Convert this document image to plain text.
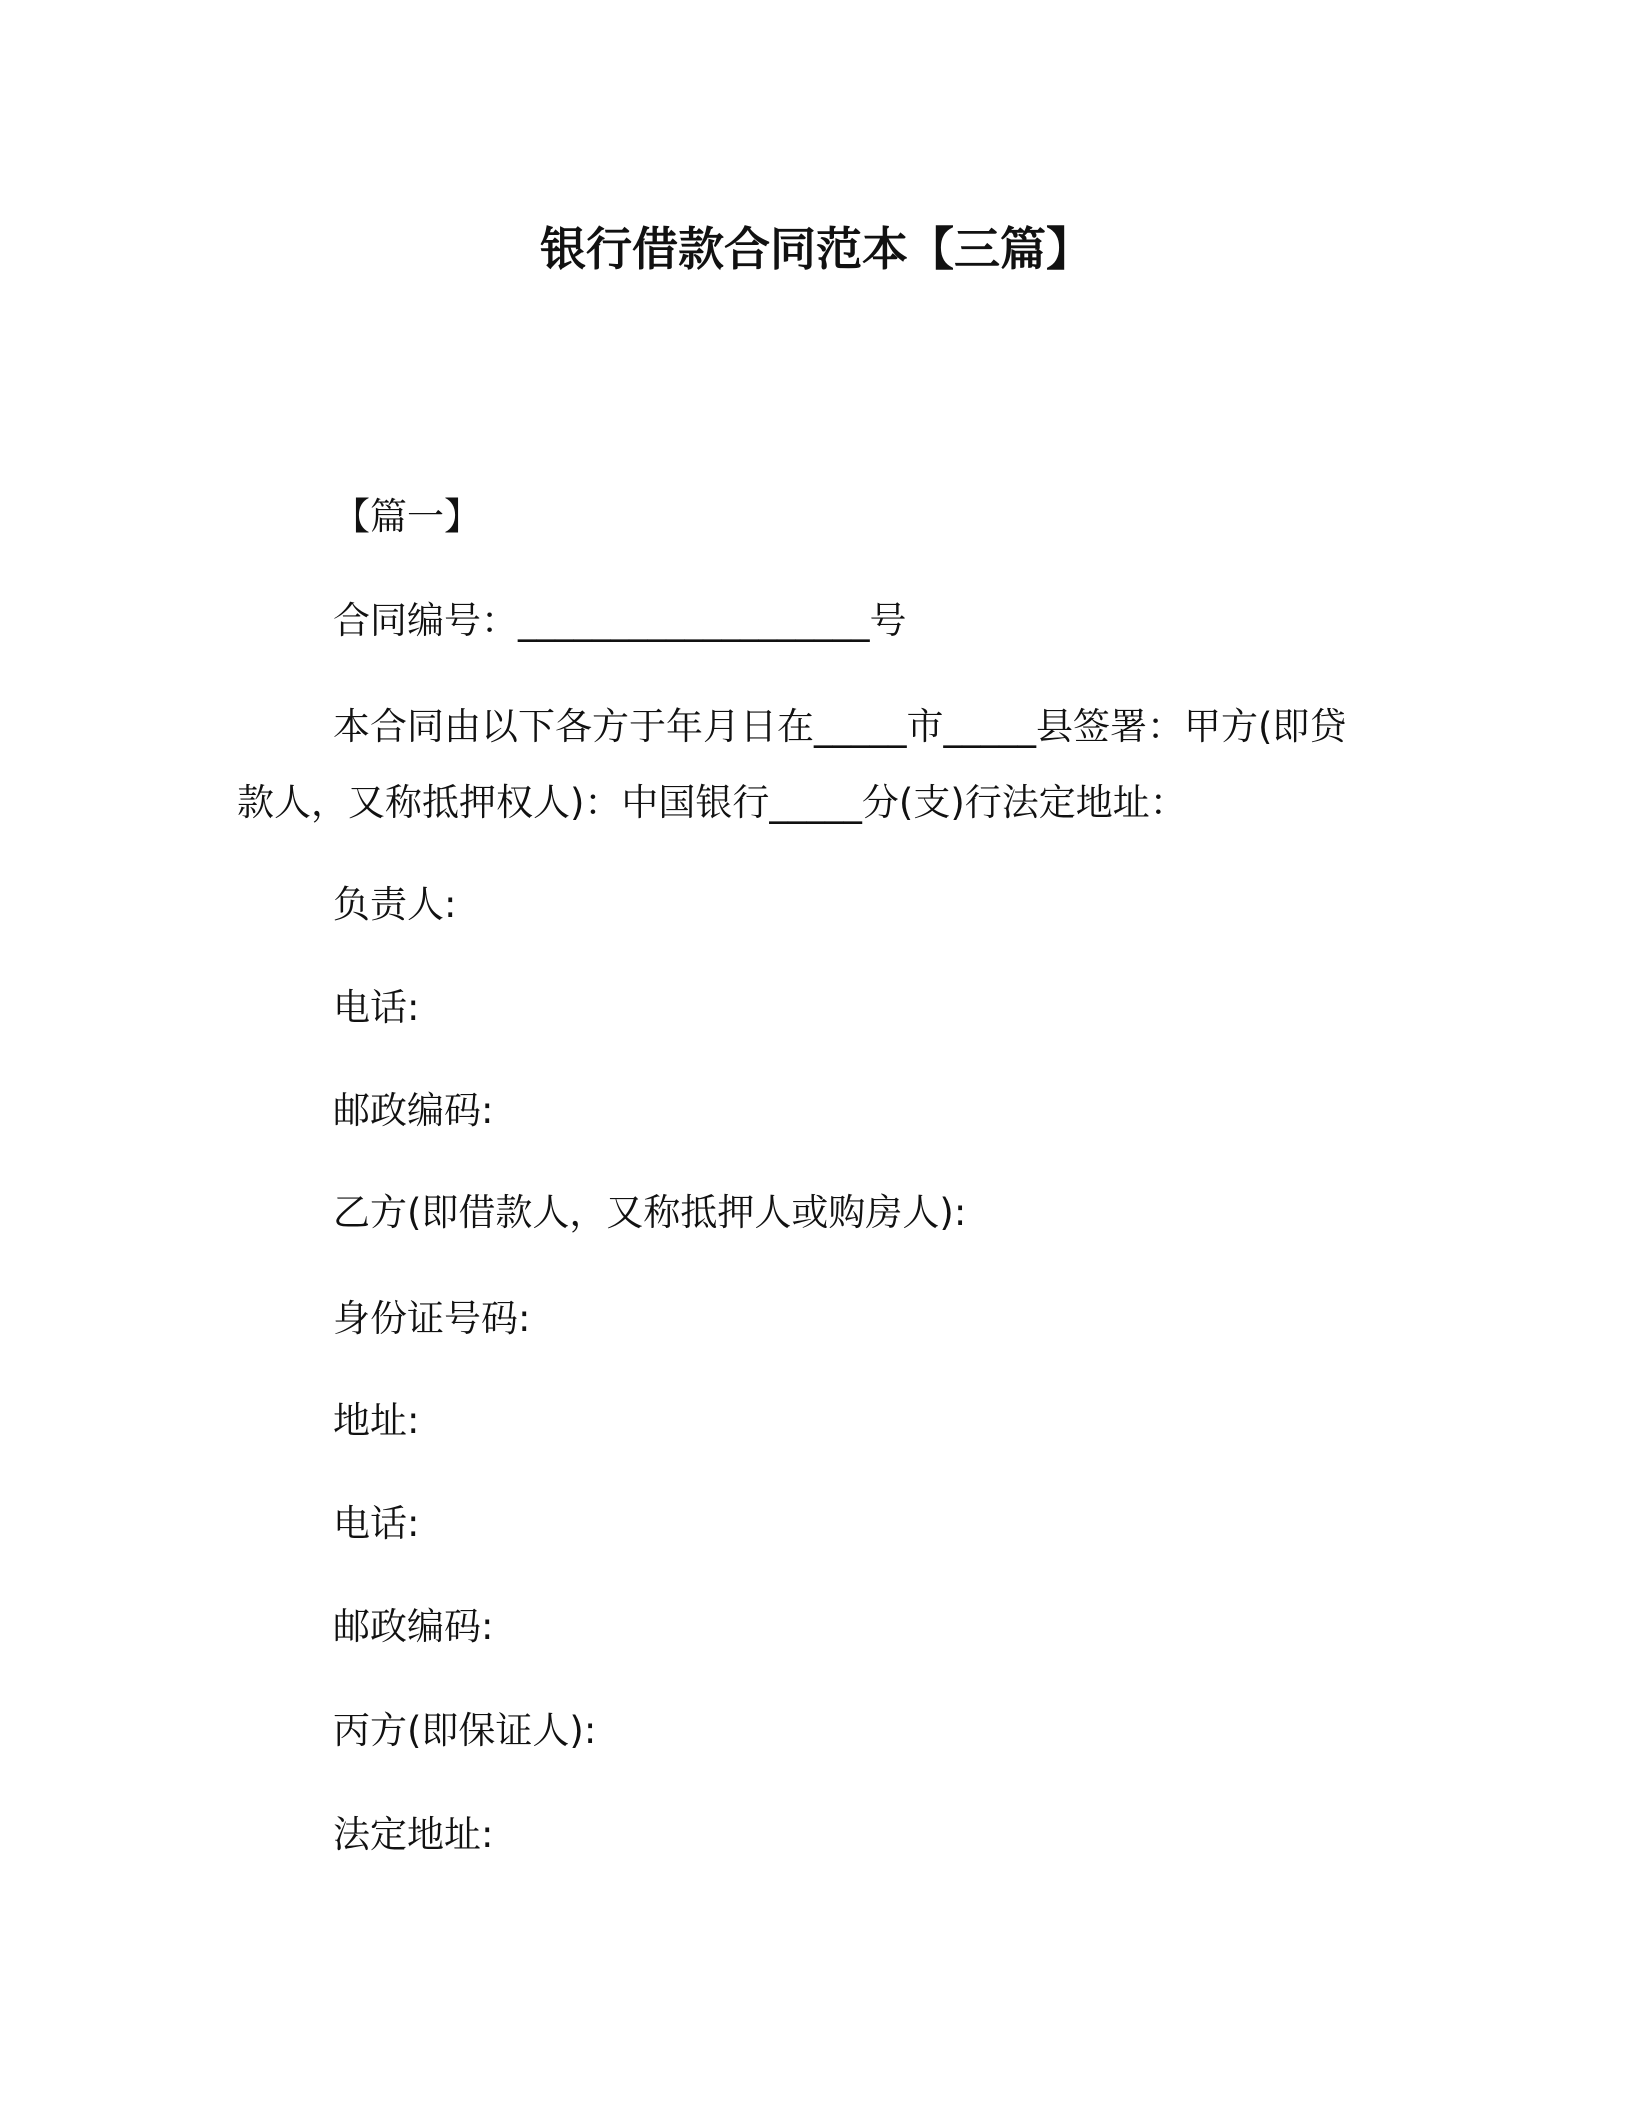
银行借款合同范本【三篇】
【篇一】
合同编号：___________________号
本合同由以下各方于年月日在_____市_____县签署：甲方(即贷
款人，又称抵押权人)：中国银行_____分(支)行法定地址：
负责人:
电话:
邮政编码:
乙方(即借款人，又称抵押人或购房人):
身份证号码:
地址:
电话:
邮政编码:
丙方(即保证人):
法定地址:
